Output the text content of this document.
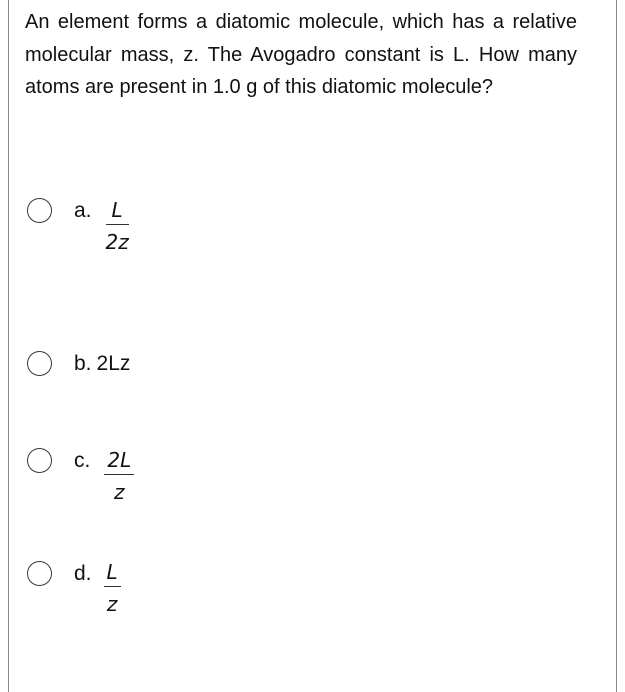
An element forms a diatomic molecule, which has a relative molecular mass, z. The Avogadro constant is L. How many atoms are present in 1.0 g of this diatomic molecule?

a. $\frac{L}{2z}$
b. 2Lz
c. $\frac{2L}{z}$
d. $\frac{L}{z}$
